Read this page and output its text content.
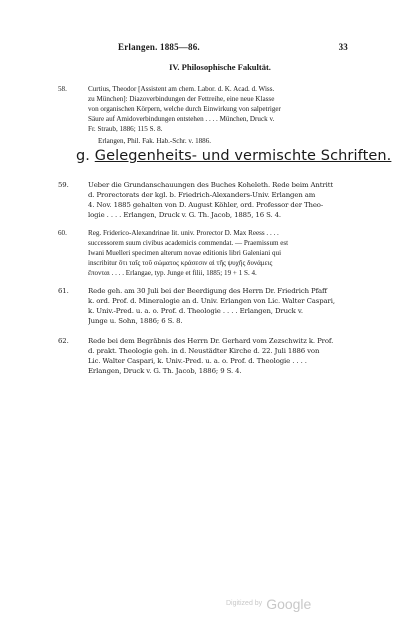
Erlangen. 1885—86.	33
IV. Philosophische Fakultät.
58.	Curtius, Theodor [Assistent am chem. Labor. d. K. Acad. d. Wiss.
zu München]: Diazoverbindungen der Fettreihe, eine neue Klasse
von organischen Körpern, welche durch Einwirkung von salpetriger
Säure auf Amidoverbindungen entstehen . . . . München, Druck v.
Fr. Straub, 1886; 115 S. 8.
Erlangen, Phil. Fak. Hab.-Schr. v. 1886.
g. Gelegenheits- und vermischte Schriften.
59.	Ueber die Grundanschauungen des Buches Koheleth. Rede beim Antritt
d. Prorectorats der kgl. b. Friedrich-Alexanders-Univ. Erlangen am
4. Nov. 1885 gehalten von D. August Köhler, ord. Professor der Theo-
logie . . . . Erlangen, Druck v. G. Th. Jacob, 1885, 16 S. 4.
60.	Reg. Friderico-Alexandrinae lit. univ. Prorector D. Max Reess . . . .
successorem suum civibus academicis commendat. — Praemissum est
Iwani Muelleri specimen alterum novae editionis libri Galeniani qui
inscribitur ὅτι ταῖς τοῦ σώματος κράσεσιν αἱ τῆς ψυχῆς δυνάμεις
ἕπονται . . . . Erlangae, typ. Junge et filii, 1885; 19 + 1 S. 4.
61.	Rede geh. am 30 Juli bei der Beerdigung des Herrn Dr. Friedrich Pfaff
k. ord. Prof. d. Mineralogie an d. Univ. Erlangen von Lic. Walter Caspari,
k. Univ.-Pred. u. a. o. Prof. d. Theologie . . . . Erlangen, Druck v.
Junge u. Sohn, 1886; 6 S. 8.
62.	Rede bei dem Begräbnis des Herrn Dr. Gerhard vom Zezschwitz k. Prof.
d. prakt. Theologie geh. in d. Neustädter Kirche d. 22. Juli 1886 von
Lic. Walter Caspari, k. Univ.-Pred. u. a. o. Prof. d. Theologie . . . .
Erlangen, Druck v. G. Th. Jacob, 1886; 9 S. 4.
Digitized by Google
